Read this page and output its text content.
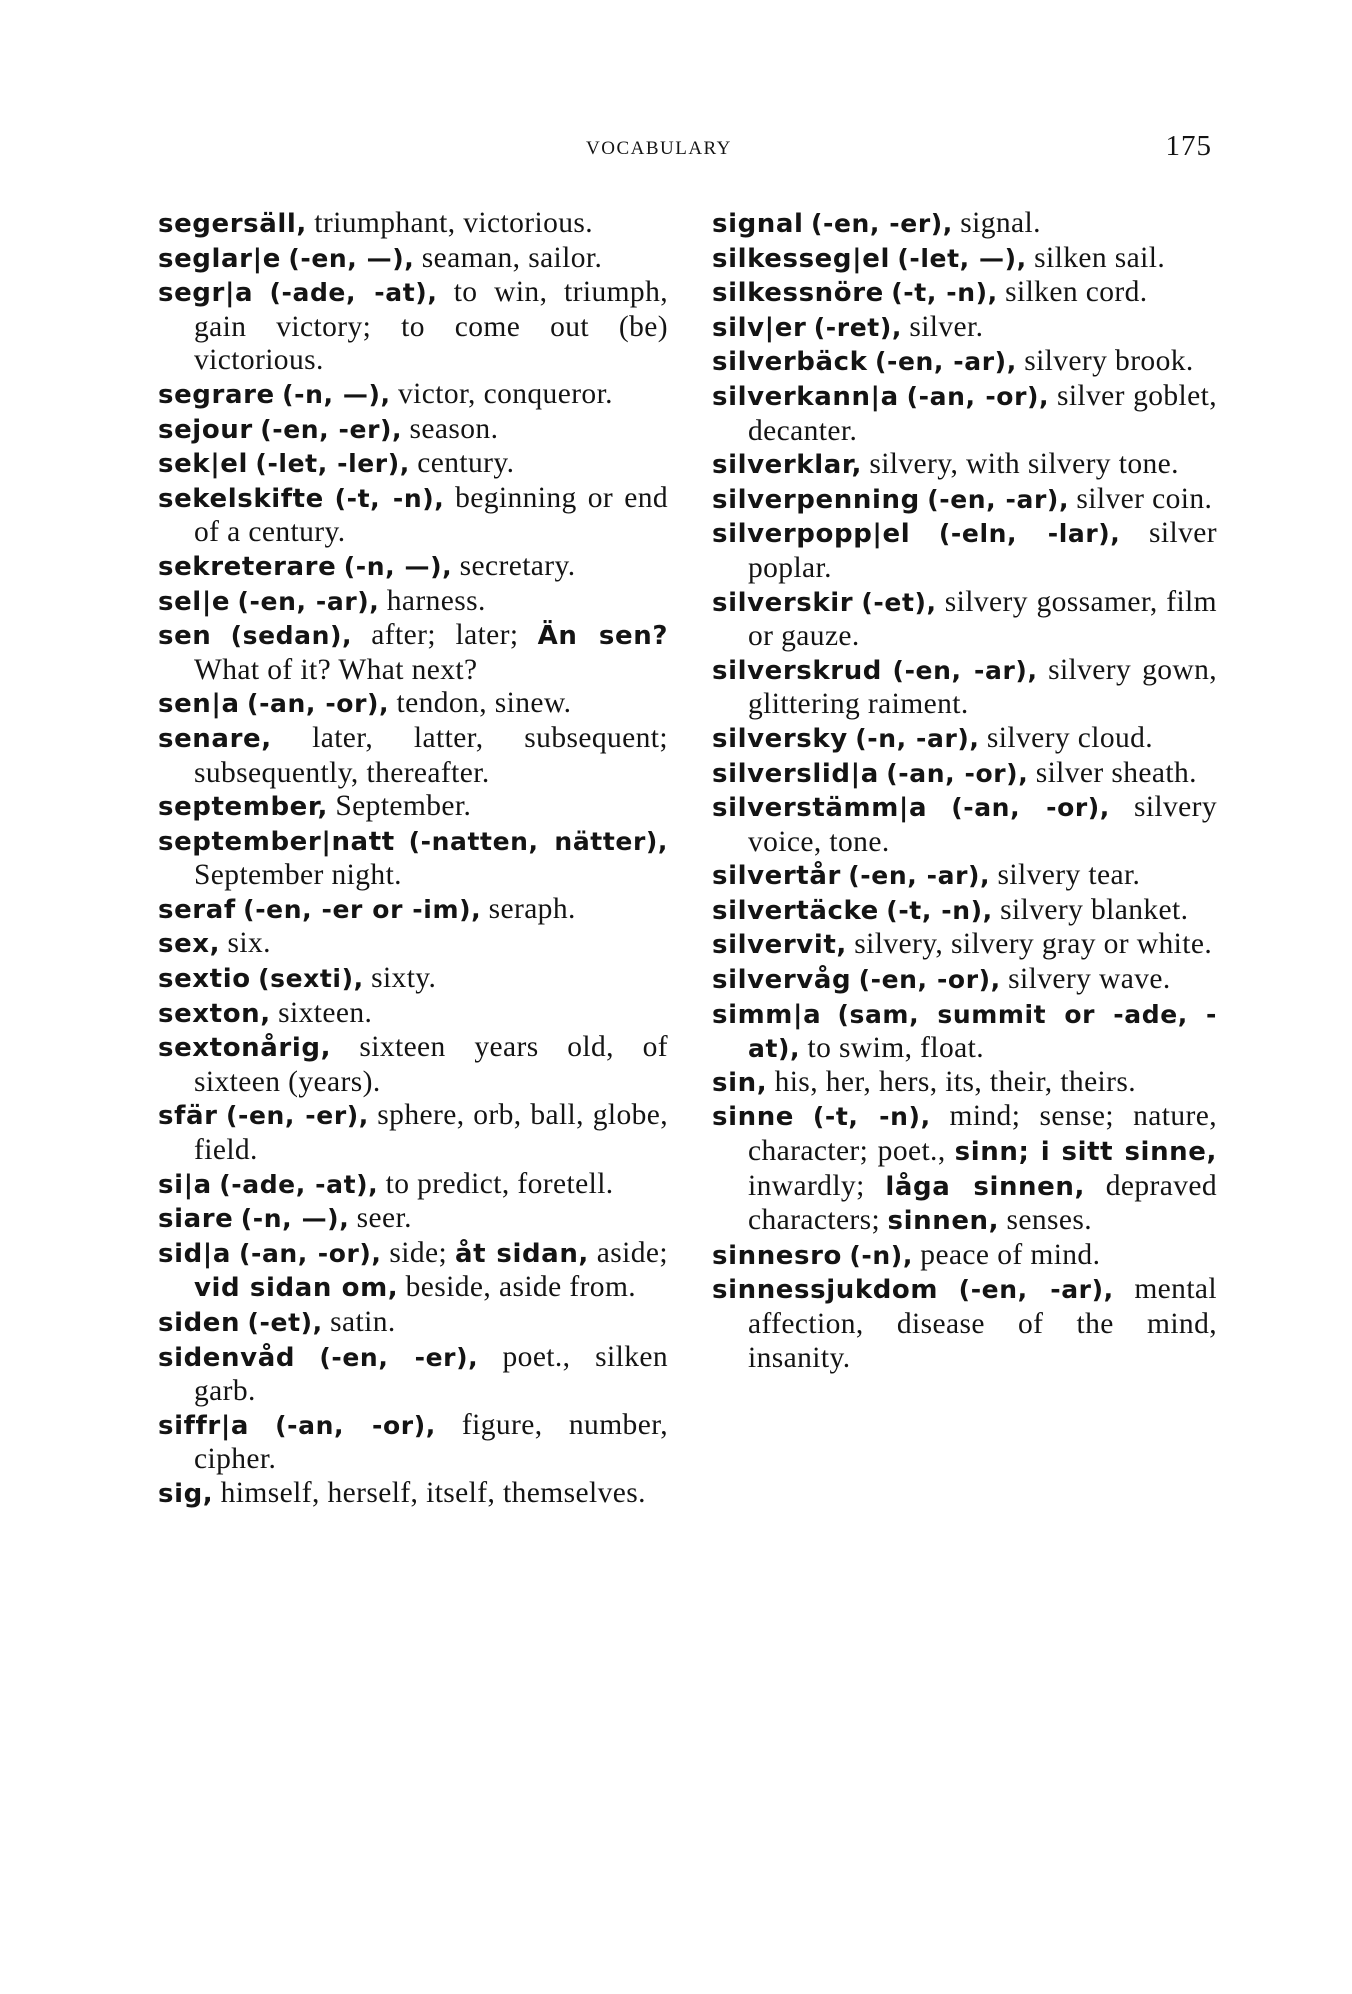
VOCABULARY	175

segersäll, triumphant, victorious.

seglar|e (-en, —), seaman, sailor.

segr|a (-ade, -at), to win, triumph, gain victory; to come out (be) victorious.

segrare (-n, —), victor, conqueror.

sejour (-en, -er), season.

sek|el (-let, -ler), century.

sekelskifte (-t, -n), beginning or end of a century.

sekreterare (-n, —), secretary.

sel|e (-en, -ar), harness.

sen (sedan), after; later; Än sen? What of it? What next?

sen|a (-an, -or), tendon, sinew.

senare, later, latter, subsequent; subsequently, thereafter.

september, September.

september|natt (-natten, nätter), September night.

seraf (-en, -er or -im), seraph.

sex, six.

sextio (sexti), sixty.

sexton, sixteen.

sextonårig, sixteen years old, of sixteen (years).

sfär (-en, -er), sphere, orb, ball, globe, field.

si|a (-ade, -at), to predict, foretell.

siare (-n, —), seer.

sid|a (-an, -or), side; åt sidan, aside; vid sidan om, beside, aside from.

siden (-et), satin.

sidenvåd (-en, -er), poet., silken garb.

siffr|a (-an, -or), figure, number, cipher.

sig, himself, herself, itself, themselves.

signal (-en, -er), signal.

silkesseg|el (-let, —), silken sail.

silkessnöre (-t, -n), silken cord.

silv|er (-ret), silver.

silverbäck (-en, -ar), silvery brook.

silverkann|a (-an, -or), silver goblet, decanter.

silverklar, silvery, with silvery tone.

silverpenning (-en, -ar), silver coin.

silverpopp|el (-eln, -lar), silver poplar.

silverskir (-et), silvery gossamer, film or gauze.

silverskrud (-en, -ar), silvery gown, glittering raiment.

silversky (-n, -ar), silvery cloud.

silverslid|a (-an, -or), silver sheath.

silverstämm|a (-an, -or), silvery voice, tone.

silvertår (-en, -ar), silvery tear.

silvertäcke (-t, -n), silvery blanket.

silvervit, silvery, silvery gray or white.

silvervåg (-en, -or), silvery wave.

simm|a (sam, summit or -ade, -at), to swim, float.

sin, his, her, hers, its, their, theirs.

sinne (-t, -n), mind; sense; nature, character; poet., sinn; i sitt sinne, inwardly; låga sinnen, depraved characters; sinnen, senses.

sinnesro (-n), peace of mind.

sinnessjukdom (-en, -ar), mental affection, disease of the mind, insanity.
